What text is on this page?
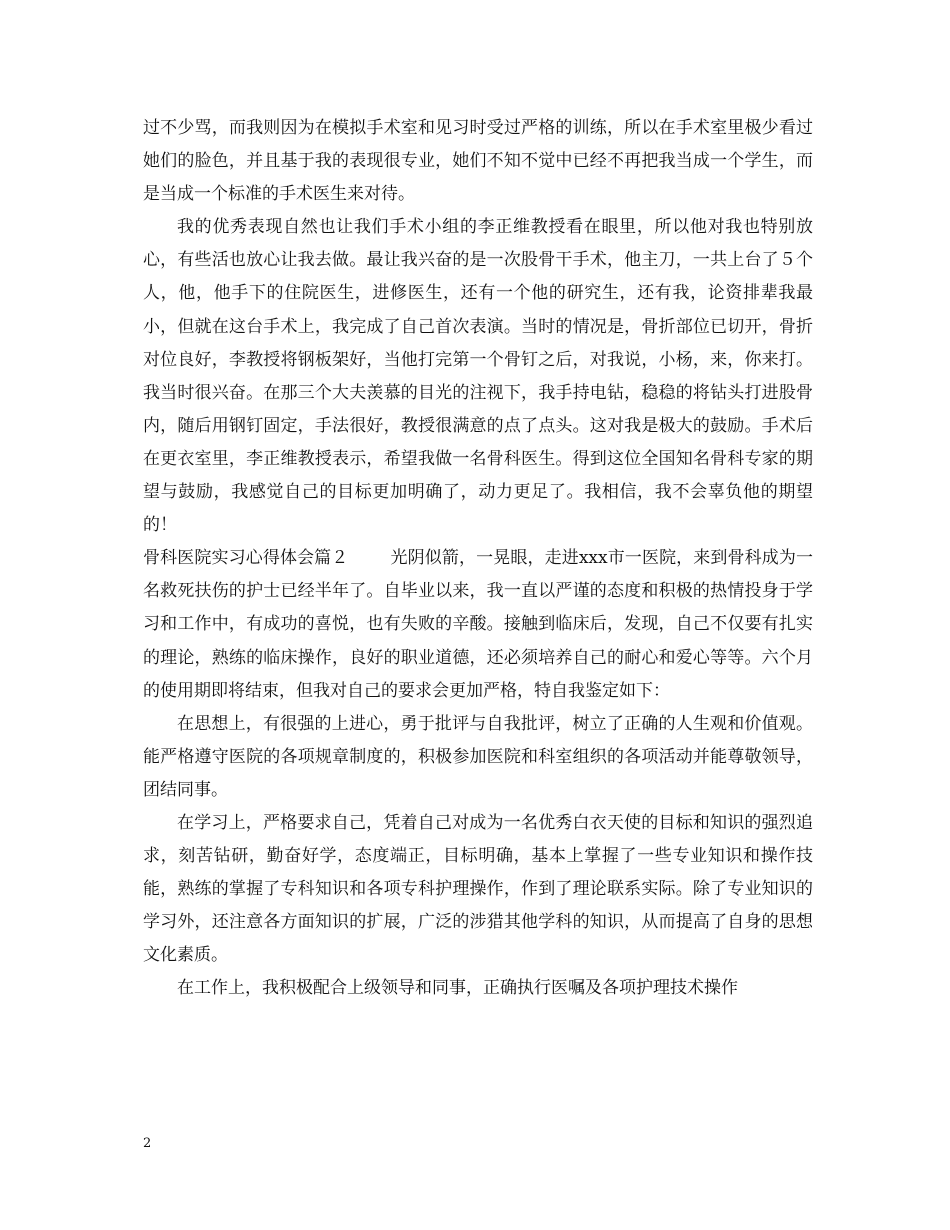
过不少骂，而我则因为在模拟手术室和见习时受过严格的训练，所以在手术室里极少看过她们的脸色，并且基于我的表现很专业，她们不知不觉中已经不再把我当成一个学生，而是当成一个标准的手术医生来对待。

我的优秀表现自然也让我们手术小组的李正维教授看在眼里，所以他对我也特别放心，有些活也放心让我去做。最让我兴奋的是一次股骨干手术，他主刀，一共上台了５个人，他，他手下的住院医生，进修医生，还有一个他的研究生，还有我，论资排辈我最小，但就在这台手术上，我完成了自己首次表演。当时的情况是，骨折部位已切开，骨折对位良好，李教授将钢板架好，当他打完第一个骨钉之后，对我说，小杨，来，你来打。我当时很兴奋。在那三个大夫羡慕的目光的注视下，我手持电钻，稳稳的将钻头打进股骨内，随后用钢钉固定，手法很好，教授很满意的点了点头。这对我是极大的鼓励。手术后在更衣室里，李正维教授表示，希望我做一名骨科医生。得到这位全国知名骨科专家的期望与鼓励，我感觉自己的目标更加明确了，动力更足了。我相信，我不会辜负他的期望的！

骨科医院实习心得体会篇２ 光阴似箭，一晃眼，走进xxx市一医院，来到骨科成为一名救死扶伤的护士已经半年了。自毕业以来，我一直以严谨的态度和积极的热情投身于学习和工作中，有成功的喜悦，也有失败的辛酸。接触到临床后，发现，自己不仅要有扎实的理论，熟练的临床操作，良好的职业道德，还必须培养自己的耐心和爱心等等。六个月的使用期即将结束，但我对自己的要求会更加严格，特自我鉴定如下：

在思想上，有很强的上进心，勇于批评与自我批评，树立了正确的人生观和价值观。能严格遵守医院的各项规章制度的，积极参加医院和科室组织的各项活动并能尊敬领导，团结同事。

在学习上，严格要求自己，凭着自己对成为一名优秀白衣天使的目标和知识的强烈追求，刻苦钻研，勤奋好学，态度端正，目标明确，基本上掌握了一些专业知识和操作技能，熟练的掌握了专科知识和各项专科护理操作，作到了理论联系实际。除了专业知识的学习外，还注意各方面知识的扩展，广泛的涉猎其他学科的知识，从而提高了自身的思想文化素质。

在工作上，我积极配合上级领导和同事，正确执行医嘱及各项护理技术操作

2
